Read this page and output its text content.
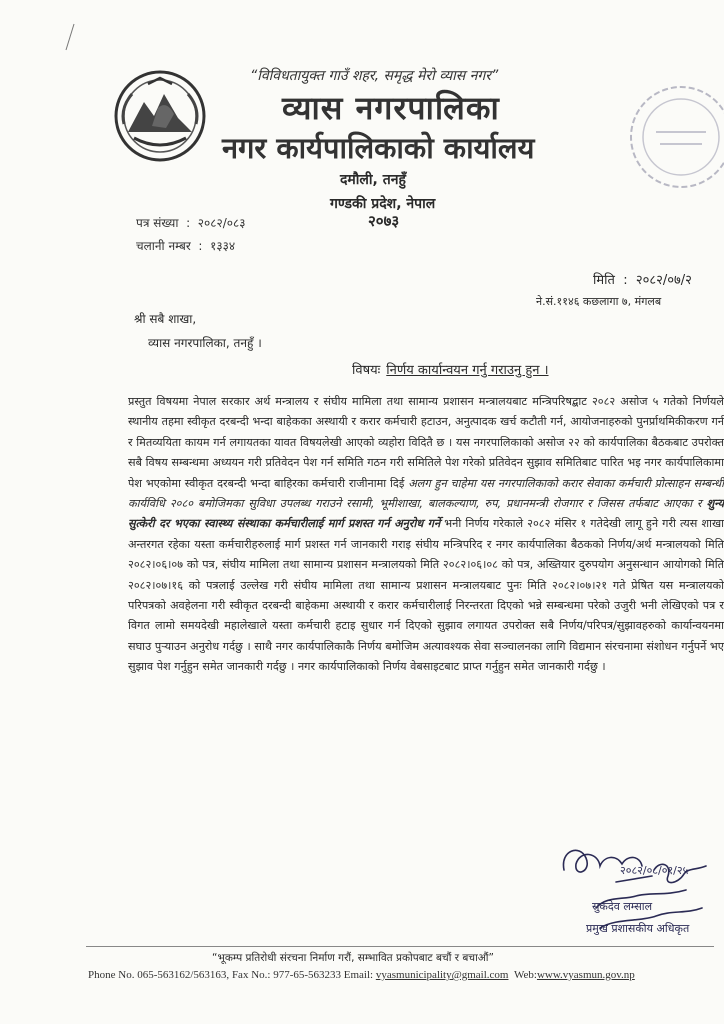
“विविधतायुक्त गाउँ शहर, समृद्ध मेरो व्यास नगर”
व्यास नगरपालिका
नगर कार्यपालिकाको कार्यालय
दमौली, तनहुँ
गण्डकी प्रदेश, नेपाल
२०७३
पत्र संख्या  :  २०८२/०८३
चलानी नम्बर  :  १३३४
मिति  :  २०८२/०७/२
ने.सं.११४६ कछलागा ७, मंगलब
श्री सबै शाखा,
व्यास नगरपालिका, तनहुँ ।
विषयः निर्णय कार्यान्वयन गर्नु गराउनु हुन ।

प्रस्तुत विषयमा नेपाल सरकार अर्थ मन्त्रालय र संघीय मामिला तथा सामान्य प्रशासन मन्त्रालयबाट मन्त्रिपरिषद्बाट २०८२ असोज ५ गतेको निर्णयले स्थानीय तहमा स्वीकृत दरबन्दी भन्दा बाहेकका अस्थायी र करार कर्मचारी हटाउन, अनुत्पादक खर्च कटौती गर्न, आयोजनाहरुको पुनर्प्राथमिकीकरण गर्न र मितव्ययिता कायम गर्न लगायतका यावत विषयलेखी आएको व्यहोरा विदितै छ । यस नगरपालिकाको असोज २२ को कार्यपालिका बैठकबाट उपरोक्त सबै विषय सम्बन्धमा अध्ययन गरी प्रतिवेदन पेश गर्न समिति गठन गरी समितिले पेश गरेको प्रतिवेदन सुझाव समितिबाट पारित भइ नगर कार्यपालिकामा पेश भएकोमा स्वीकृत दरबन्दी भन्दा बाहिरका कर्मचारी राजीनामा दिई अलग हुन चाहेमा यस नगरपालिकाको करार सेवाका कर्मचारी प्रोत्साहन सम्बन्धी कार्यविधि २०८० बमोजिमका सुविधा उपलब्ध गराउने रसामी, भूमीशाखा, बालकल्याण, रुप, प्रधानमन्त्री रोजगार र जिसस तर्फबाट आएका र शुन्य सुत्केरी दर भएका स्वास्थ्य संस्थाका कर्मचारीलाई मार्ग प्रशस्त गर्न अनुरोध गर्ने भनी निर्णय गरेकाले २०८२ मंसिर १ गतेदेखी लागू हुने गरी त्यस शाखा अन्तरगत रहेका यस्ता कर्मचारीहरुलाई मार्ग प्रशस्त गर्न जानकारी गराइ संघीय मन्त्रिपरिद र नगर कार्यपालिका बैठकको निर्णय/अर्थ मन्त्रालयको मिति २०८२।०६।०७ को पत्र, संघीय मामिला तथा सामान्य प्रशासन मन्त्रालयको मिति २०८२।०६।०८ को पत्र, अख्तियार दुरुपयोग अनुसन्धान आयोगको मिति २०८२।०७।१६ को पत्रलाई उल्लेख गरी संघीय मामिला तथा सामान्य प्रशासन मन्त्रालयबाट पुनः मिति २०८२।०७।२१ गते प्रेषित यस मन्त्रालयको परिपत्रको अवहेलना गरी स्वीकृत दरबन्दी बाहेकमा अस्थायी र करार कर्मचारीलाई निरन्तरता दिएको भन्ने सम्बन्धमा परेको उजुरी भनी लेखिएको पत्र र विगत लामो समयदेखी महालेखाले यस्ता कर्मचारी हटाइ सुधार गर्न दिएको सुझाव लगायत उपरोक्त सबै निर्णय/परिपत्र/सुझावहरुको कार्यान्वयनमा सघाउ पुऱ्याउन अनुरोध गर्दछु । साथै नगर कार्यपालिकाकै निर्णय बमोजिम अत्यावश्यक सेवा सञ्चालनका लागि विद्यमान संरचनामा संशोधन गर्नुपर्ने भए सुझाव पेश गर्नुहुन समेत जानकारी गर्दछु । नगर कार्यपालिकाको निर्णय वेबसाइटबाट प्राप्त गर्नुहुन समेत जानकारी गर्दछु ।

२०८२/०८/०१/२५
सुकदेव लम्साल
प्रमुख प्रशासकीय अधिकृत
“भूकम्प प्रतिरोधी संरचना निर्माण गरौं, सम्भावित प्रकोपबाट बचौं र बचाऔं”
Phone No. 065-563162/563163, Fax No.: 977-65-563233 Email: vyasmunicipality@gmail.com Web:www.vyasmun.gov.np
